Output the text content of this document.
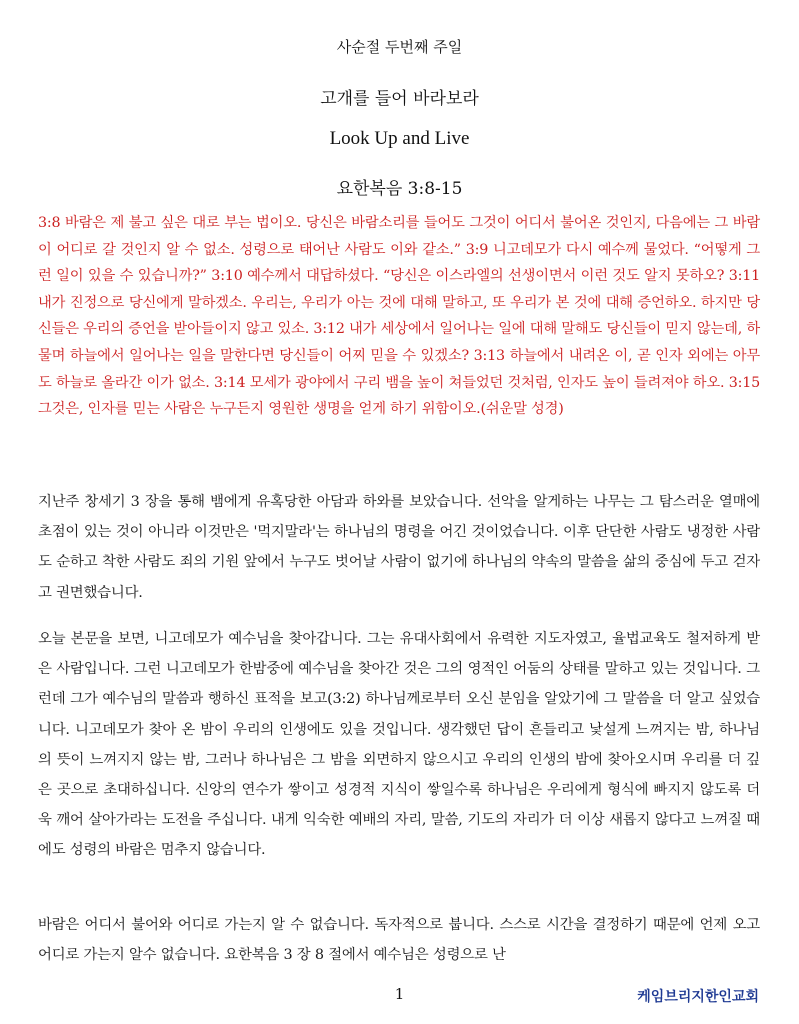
사순절 두번째 주일
고개를 들어 바라보라
Look Up and Live
요한복음 3:8-15

3:8 바람은 제 불고 싶은 대로 부는 법이오. 당신은 바람소리를 들어도 그것이 어디서 불어온 것인지, 다음에는 그 바람이 어디로 갈 것인지 알 수 없소. 성령으로 태어난 사람도 이와 같소.” 3:9 니고데모가 다시 예수께 물었다. “어떻게 그런 일이 있을 수 있습니까?” 3:10 예수께서 대답하셨다. “당신은 이스라엘의 선생이면서 이런 것도 알지 못하오? 3:11 내가 진정으로 당신에게 말하겠소. 우리는, 우리가 아는 것에 대해 말하고, 또 우리가 본 것에 대해 증언하오. 하지만 당신들은 우리의 증언을 받아들이지 않고 있소. 3:12 내가 세상에서 일어나는 일에 대해 말해도 당신들이 믿지 않는데, 하물며 하늘에서 일어나는 일을 말한다면 당신들이 어찌 믿을 수 있겠소? 3:13 하늘에서 내려온 이, 곧 인자 외에는 아무도 하늘로 올라간 이가 없소. 3:14 모세가 광야에서 구리 뱀을 높이 쳐들었던 것처럼, 인자도 높이 들려져야 하오. 3:15 그것은, 인자를 믿는 사람은 누구든지 영원한 생명을 얻게 하기 위함이오.(쉬운말 성경)

지난주 창세기 3 장을 통해 뱀에게 유혹당한 아담과 하와를 보았습니다. 선악을 알게하는 나무는 그 탐스러운 열매에 초점이 있는 것이 아니라 이것만은 '먹지말라'는 하나님의 명령을 어긴 것이었습니다. 이후 단단한 사람도 냉정한 사람도 순하고 착한 사람도 죄의 기원 앞에서 누구도 벗어날 사람이 없기에 하나님의 약속의 말씀을 삶의 중심에 두고 걷자고 권면했습니다.

오늘 본문을 보면, 니고데모가 예수님을 찾아갑니다. 그는 유대사회에서 유력한 지도자였고, 율법교육도 철저하게 받은 사람입니다. 그런 니고데모가 한밤중에 예수님을 찾아간 것은 그의 영적인 어둠의 상태를 말하고 있는 것입니다. 그런데 그가 예수님의 말씀과 행하신 표적을 보고(3:2) 하나님께로부터 오신 분임을 알았기에 그 말씀을 더 알고 싶었습니다. 니고데모가 찾아 온 밤이 우리의 인생에도 있을 것입니다. 생각했던 답이 흔들리고 낯설게 느껴지는 밤, 하나님의 뜻이 느껴지지 않는 밤, 그러나 하나님은 그 밤을 외면하지 않으시고 우리의 인생의 밤에 찾아오시며 우리를 더 깊은 곳으로 초대하십니다. 신앙의 연수가 쌓이고 성경적 지식이 쌓일수록 하나님은 우리에게 형식에 빠지지 않도록 더욱 깨어 살아가라는 도전을 주십니다. 내게 익숙한 예배의 자리, 말씀, 기도의 자리가 더 이상 새롭지 않다고 느껴질 때에도 성령의 바람은 멈추지 않습니다.

바람은 어디서 불어와 어디로 가는지 알 수 없습니다. 독자적으로 붑니다. 스스로 시간을 결정하기 때문에 언제 오고 어디로 가는지 알수 없습니다. 요한복음 3 장 8 절에서 예수님은 성령으로 난

1	케임브리지한인교회
